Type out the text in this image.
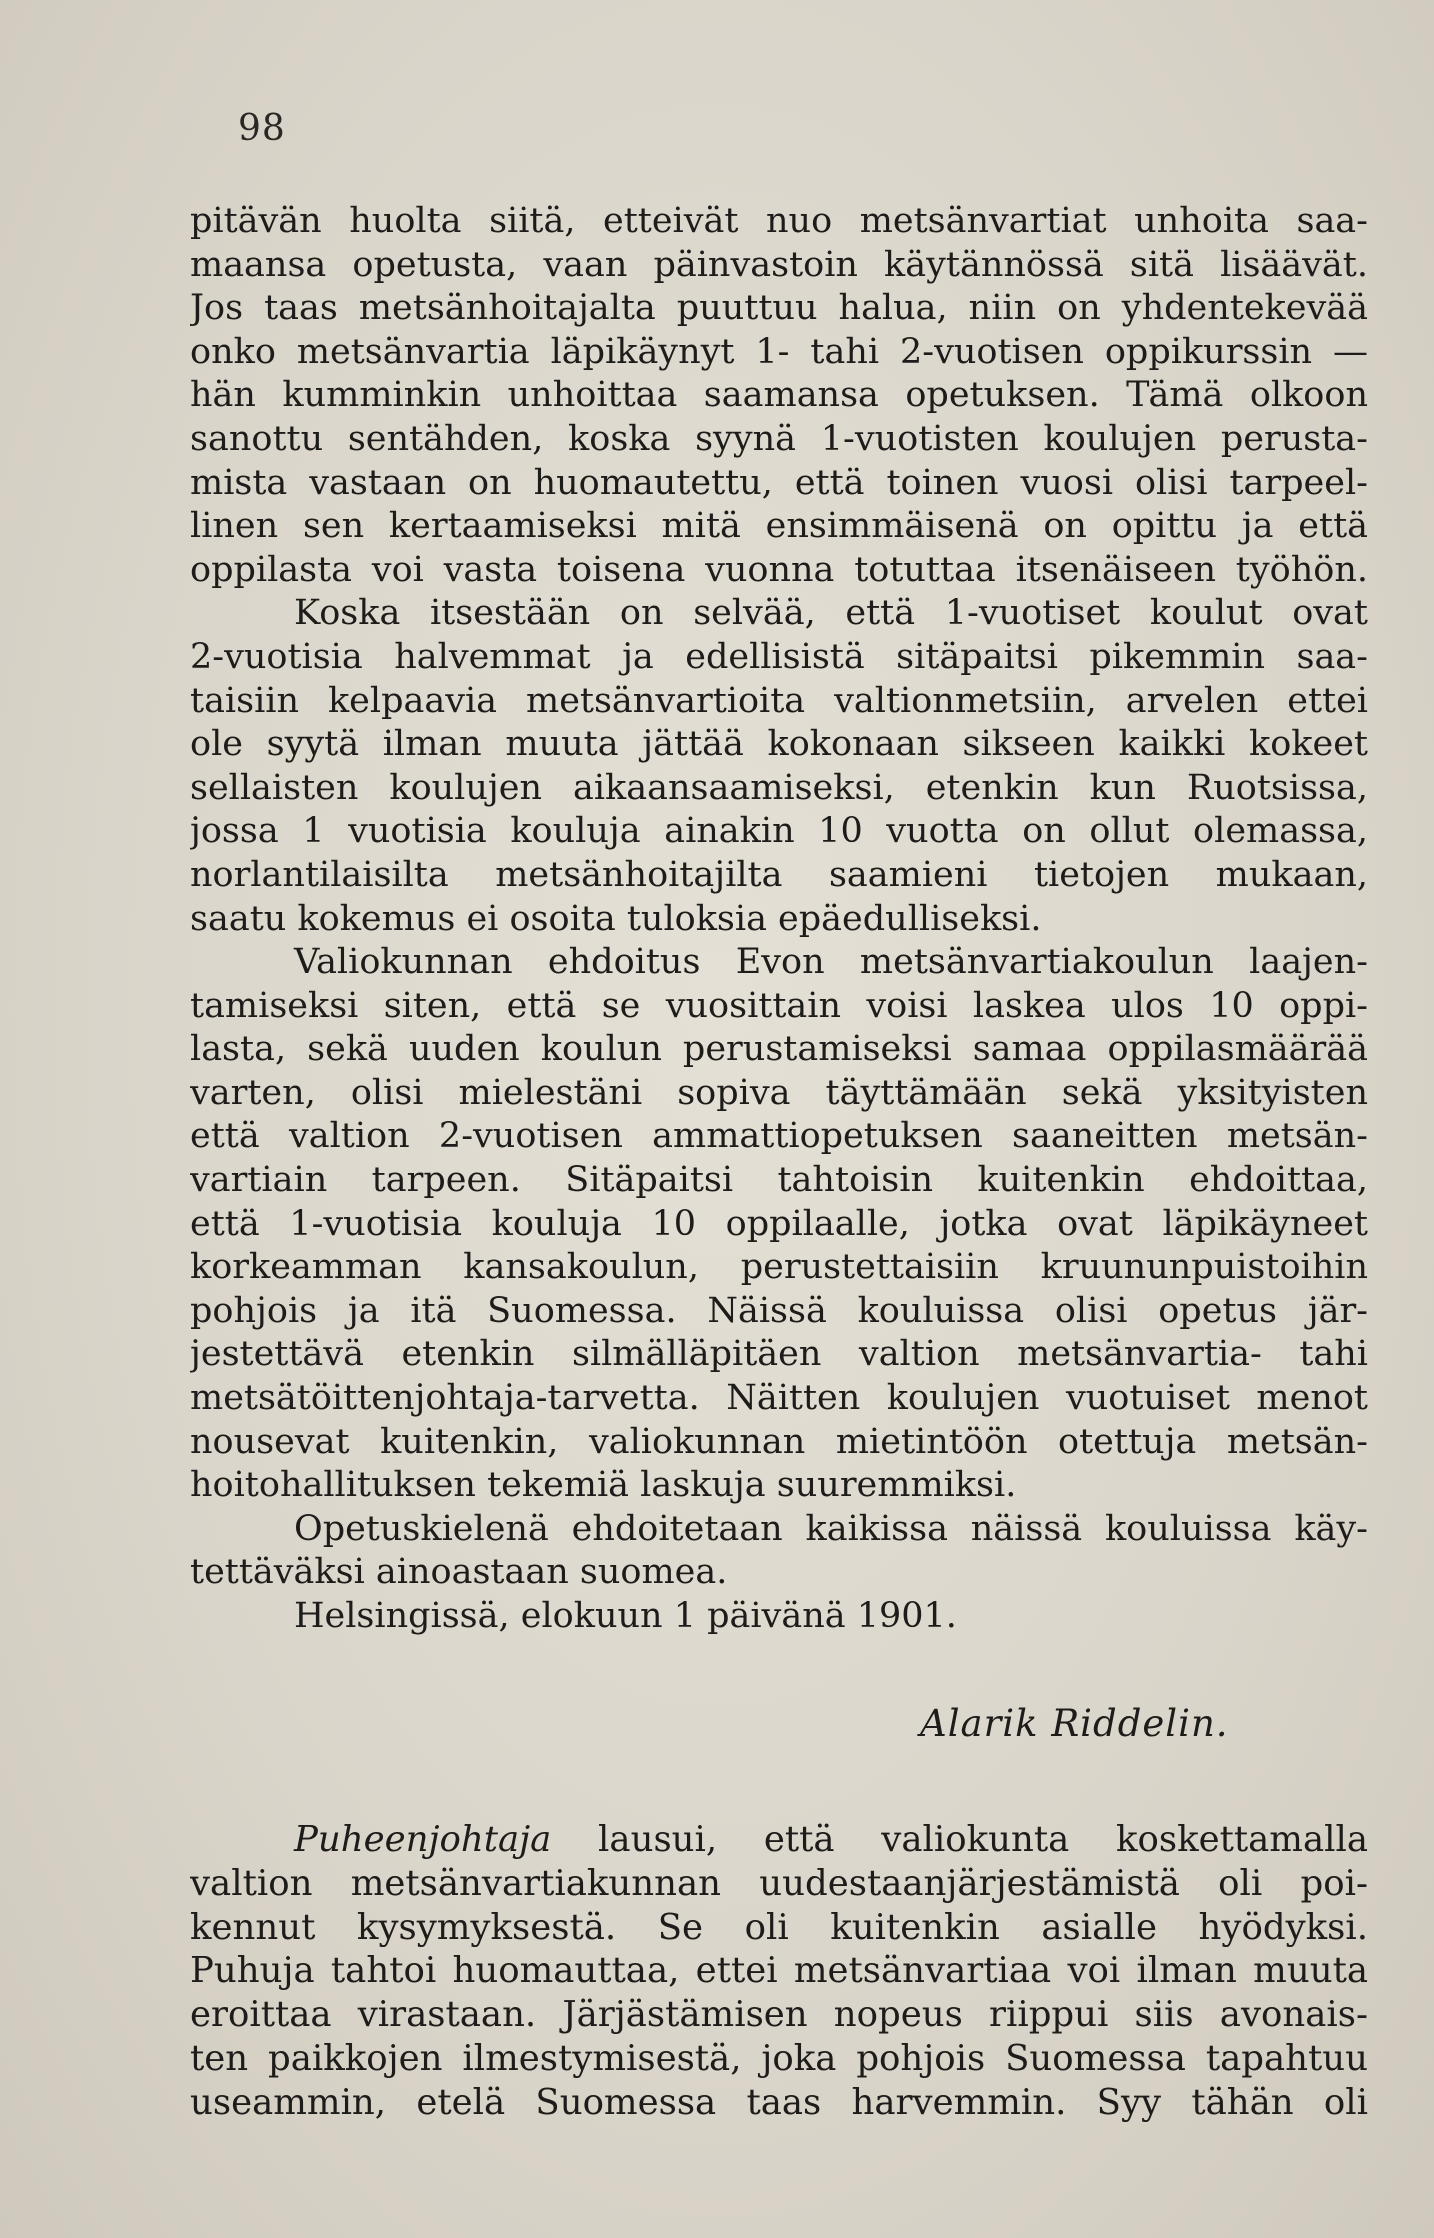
98
pitävän huolta siitä, etteivät nuo metsänvartiat unhoita saa-
maansa opetusta, vaan päinvastoin käytännössä sitä lisäävät.
Jos taas metsänhoitajalta puuttuu halua, niin on yhdentekevää
onko metsänvartia läpikäynyt 1- tahi 2-vuotisen oppikurssin —
hän kumminkin unhoittaa saamansa opetuksen. Tämä olkoon
sanottu sentähden, koska syynä 1-vuotisten koulujen perusta-
mista vastaan on huomautettu, että toinen vuosi olisi tarpeel-
linen sen kertaamiseksi mitä ensimmäisenä on opittu ja että
oppilasta voi vasta toisena vuonna totuttaa itsenäiseen työhön.
Koska itsestään on selvää, että 1-vuotiset koulut ovat
2-vuotisia halvemmat ja edellisistä sitäpaitsi pikemmin saa-
taisiin kelpaavia metsänvartioita valtionmetsiin, arvelen ettei
ole syytä ilman muuta jättää kokonaan sikseen kaikki kokeet
sellaisten koulujen aikaansaamiseksi, etenkin kun Ruotsissa,
jossa 1 vuotisia kouluja ainakin 10 vuotta on ollut olemassa,
norlantilaisilta metsänhoitajilta saamieni tietojen mukaan,
saatu kokemus ei osoita tuloksia epäedulliseksi.
Valiokunnan ehdoitus Evon metsänvartiakoulun laajen-
tamiseksi siten, että se vuosittain voisi laskea ulos 10 oppi-
lasta, sekä uuden koulun perustamiseksi samaa oppilasmäärää
varten, olisi mielestäni sopiva täyttämään sekä yksityisten
että valtion 2-vuotisen ammattiopetuksen saaneitten metsän-
vartiain tarpeen. Sitäpaitsi tahtoisin kuitenkin ehdoittaa,
että 1-vuotisia kouluja 10 oppilaalle, jotka ovat läpikäyneet
korkeamman kansakoulun, perustettaisiin kruununpuistoihin
pohjois ja itä Suomessa. Näissä kouluissa olisi opetus jär-
jestettävä etenkin silmälläpitäen valtion metsänvartia- tahi
metsätöittenjohtaja-tarvetta. Näitten koulujen vuotuiset menot
nousevat kuitenkin, valiokunnan mietintöön otettuja metsän-
hoitohallituksen tekemiä laskuja suuremmiksi.
Opetuskielenä ehdoitetaan kaikissa näissä kouluissa käy-
tettäväksi ainoastaan suomea.
Helsingissä, elokuun 1 päivänä 1901.
Alarik Riddelin.
Puheenjohtaja lausui, että valiokunta koskettamalla
valtion metsänvartiakunnan uudestaanjärjestämistä oli poi-
kennut kysymyksestä. Se oli kuitenkin asialle hyödyksi.
Puhuja tahtoi huomauttaa, ettei metsänvartiaa voi ilman muuta
eroittaa virastaan. Järjästämisen nopeus riippui siis avonais-
ten paikkojen ilmestymisestä, joka pohjois Suomessa tapahtuu
useammin, etelä Suomessa taas harvemmin. Syy tähän oli
